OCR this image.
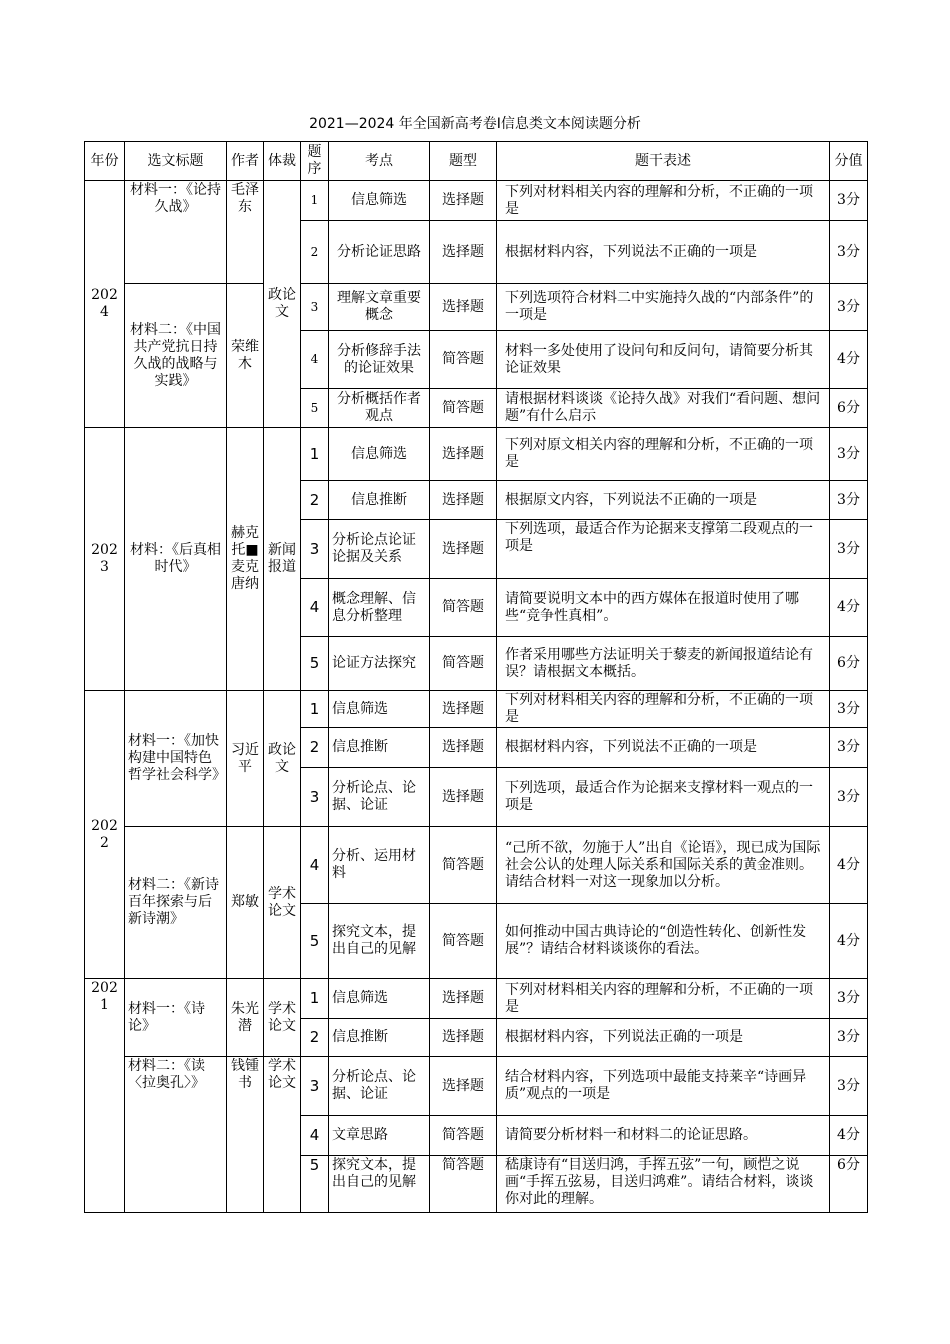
2021—2024 年全国新高考卷Ⅰ信息类文本阅读题分析
年份	选文标题	作者	体裁	题序	考点	题型	题干表述	分值
2024	材料一：《论持久战》	毛泽东	政论文	1	信息筛选	选择题	下列对材料相关内容的理解和分析，不正确的一项是	3分
				2	分析论证思路	选择题	根据材料内容，下列说法不正确的一项是	3分
	材料二：《中国共产党抗日持久战的战略与实践》	荣维木		3	理解文章重要概念	选择题	下列选项符合材料二中实施持久战的“内部条件”的一项是	3分
				4	分析修辞手法的论证效果	简答题	材料一多处使用了设问句和反问句，请简要分析其论证效果	4分
				5	分析概括作者观点	简答题	请根据材料谈谈《论持久战》对我们“看问题、想问题”有什么启示	6分
2023	材料：《后真相时代》	赫克托■麦克唐纳	新闻报道	1	信息筛选	选择题	下列对原文相关内容的理解和分析，不正确的一项是	3分
				2	信息推断	选择题	根据原文内容，下列说法不正确的一项是	3分
				3	分析论点论证论据及关系	选择题	下列选项，最适合作为论据来支撑第二段观点的一项是	3分
				4	概念理解、信息分析整理	简答题	请简要说明文本中的西方媒体在报道时使用了哪些“竞争性真相”。	4分
				5	论证方法探究	简答题	作者采用哪些方法证明关于藜麦的新闻报道结论有误？请根据文本概括。	6分
2022	材料一：《加快构建中国特色哲学社会科学》	习近平	政论文	1	信息筛选	选择题	下列对材料相关内容的理解和分析，不正确的一项是	3分
				2	信息推断	选择题	根据材料内容，下列说法不正确的一项是	3分
				3	分析论点、论据、论证	选择题	下列选项，最适合作为论据来支撑材料一观点的一项是	3分
	材料二：《新诗百年探索与后新诗潮》	郑敏	学术论文	4	分析、运用材料	简答题	“己所不欲，勿施于人”出自《论语》，现已成为国际社会公认的处理人际关系和国际关系的黄金准则。请结合材料一对这一现象加以分析。	4分
				5	探究文本，提出自己的见解	简答题	如何推动中国古典诗论的“创造性转化、创新性发展”？请结合材料谈谈你的看法。	4分
2021	材料一：《诗论》	朱光潜	学术论文	1	信息筛选	选择题	下列对材料相关内容的理解和分析，不正确的一项是	3分
				2	信息推断	选择题	根据材料内容，下列说法正确的一项是	3分
	材料二：《读〈拉奥孔〉》	钱锺书	学术论文	3	分析论点、论据、论证	选择题	结合材料内容，下列选项中最能支持莱辛“诗画异质”观点的一项是	3分
				4	文章思路	简答题	请简要分析材料一和材料二的论证思路。	4分
				5	探究文本，提出自己的见解	简答题	嵇康诗有“目送归鸿，手挥五弦”一句，顾恺之说画“手挥五弦易，目送归鸿难”。请结合材料，谈谈你对此的理解。	6分
